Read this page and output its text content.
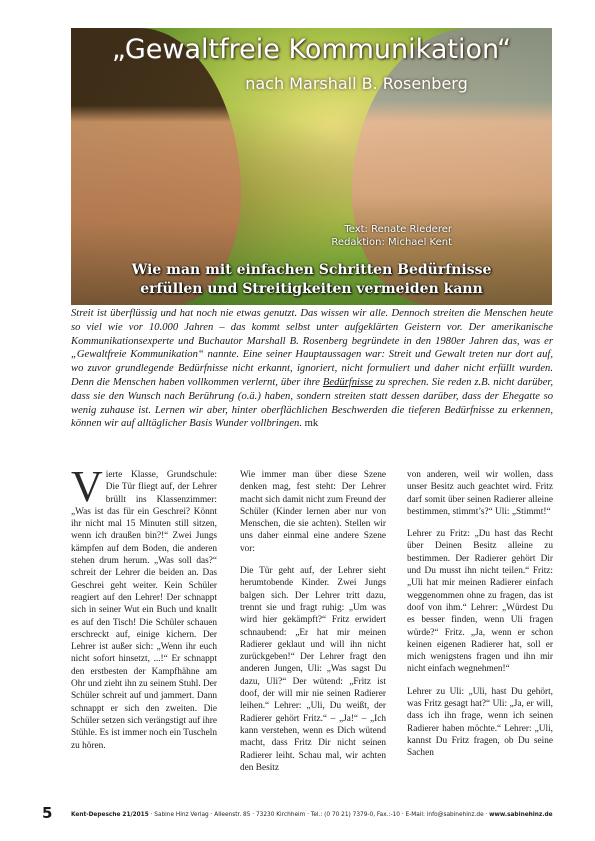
„Gewaltfreie Kommunikation“
nach Marshall B. Rosenberg
Text: Renate Riederer
Redaktion: Michael Kent
Wie man mit einfachen Schritten Bedürfnisse
erfüllen und Streitigkeiten vermeiden kann
Streit ist überflüssig und hat noch nie etwas genutzt. Das wissen wir alle. Dennoch streiten die Menschen heute so viel wie vor 10.000 Jahren – das kommt selbst unter aufgeklärten Geistern vor. Der amerikanische Kommunikationsexperte und Buchautor Marshall B. Rosenberg begründete in den 1980er Jahren das, was er „Gewaltfreie Kommunikation“ nannte. Eine seiner Hauptaussagen war: Streit und Gewalt treten nur dort auf, wo zuvor grundlegende Bedürfnisse nicht erkannt, ignoriert, nicht formuliert und daher nicht erfüllt wurden. Denn die Menschen haben vollkommen verlernt, über ihre Bedürfnisse zu sprechen. Sie reden z.B. nicht darüber, dass sie den Wunsch nach Berührung (o.ä.) haben, sondern streiten statt dessen darüber, dass der Ehegatte so wenig zuhause ist. Lernen wir aber, hinter oberflächlichen Beschwerden die tieferen Bedürfnisse zu erkennen, können wir auf alltäglicher Basis Wunder vollbringen. mk

Vierte Klasse, Grundschule: Die Tür fliegt auf, der Lehrer brüllt ins Klassenzimmer: „Was ist das für ein Geschrei? Könnt ihr nicht mal 15 Minuten still sitzen, wenn ich draußen bin?!“ Zwei Jungs kämpfen auf dem Boden, die anderen stehen drum herum. „Was soll das?“ schreit der Lehrer die beiden an. Das Geschrei geht weiter. Kein Schüler reagiert auf den Lehrer! Der schnappt sich in seiner Wut ein Buch und knallt es auf den Tisch! Die Schüler schauen erschreckt auf, einige kichern. Der Lehrer ist außer sich: „Wenn ihr euch nicht sofort hinsetzt, ...!“ Er schnappt den erstbesten der Kampfhähne am Ohr und zieht ihn zu seinem Stuhl. Der Schüler schreit auf und jammert. Dann schnappt er sich den zweiten. Die Schüler setzen sich verängstigt auf ihre Stühle. Es ist immer noch ein Tuscheln zu hören.

Wie immer man über diese Szene denken mag, fest steht: Der Lehrer macht sich damit nicht zum Freund der Schüler (Kinder lernen aber nur von Menschen, die sie achten). Stellen wir uns daher einmal eine andere Szene vor:

Die Tür geht auf, der Lehrer sieht herumtobende Kinder. Zwei Jungs balgen sich. Der Lehrer tritt dazu, trennt sie und fragt ruhig: „Um was wird hier gekämpft?“ Fritz erwidert schnaubend: „Er hat mir meinen Radierer geklaut und will ihn nicht zurückgeben!“ Der Lehrer fragt den anderen Jungen, Uli: „Was sagst Du dazu, Uli?“ Der wütend: „Fritz ist doof, der will mir nie seinen Radierer leihen.“ Lehrer: „Uli, Du weißt, der Radierer gehört Fritz.“ – „Ja!“ – „Ich kann verstehen, wenn es Dich wütend macht, dass Fritz Dir nicht seinen Radierer leiht. Schau mal, wir achten den Besitz

von anderen, weil wir wollen, dass unser Besitz auch geachtet wird. Fritz darf somit über seinen Radierer alleine bestimmen, stimmt’s?“ Uli: „Stimmt!“

Lehrer zu Fritz: „Du hast das Recht über Deinen Besitz alleine zu bestimmen. Der Radierer gehört Dir und Du musst ihn nicht teilen.“ Fritz: „Uli hat mir meinen Radierer einfach weggenommen ohne zu fragen, das ist doof von ihm.“ Lehrer: „Würdest Du es besser finden, wenn Uli fragen würde?“ Fritz. „Ja, wenn er schon keinen eigenen Radierer hat, soll er mich wenigstens fragen und ihn mir nicht einfach wegnehmen!“

Lehrer zu Uli: „Uli, hast Du gehört, was Fritz gesagt hat?“ Uli: „Ja, er will, dass ich ihn frage, wenn ich seinen Radierer haben möchte.“ Lehrer: „Uli, kannst Du Fritz fragen, ob Du seine Sachen

5	Kent-Depesche 21/2015 · Sabine Hinz Verlag · Alleenstr. 85 · 73230 Kirchheim · Tel.: (0 70 21) 7379-0, Fax.:-10 · E-Mail: info@sabinehinz.de · www.sabinehinz.de
